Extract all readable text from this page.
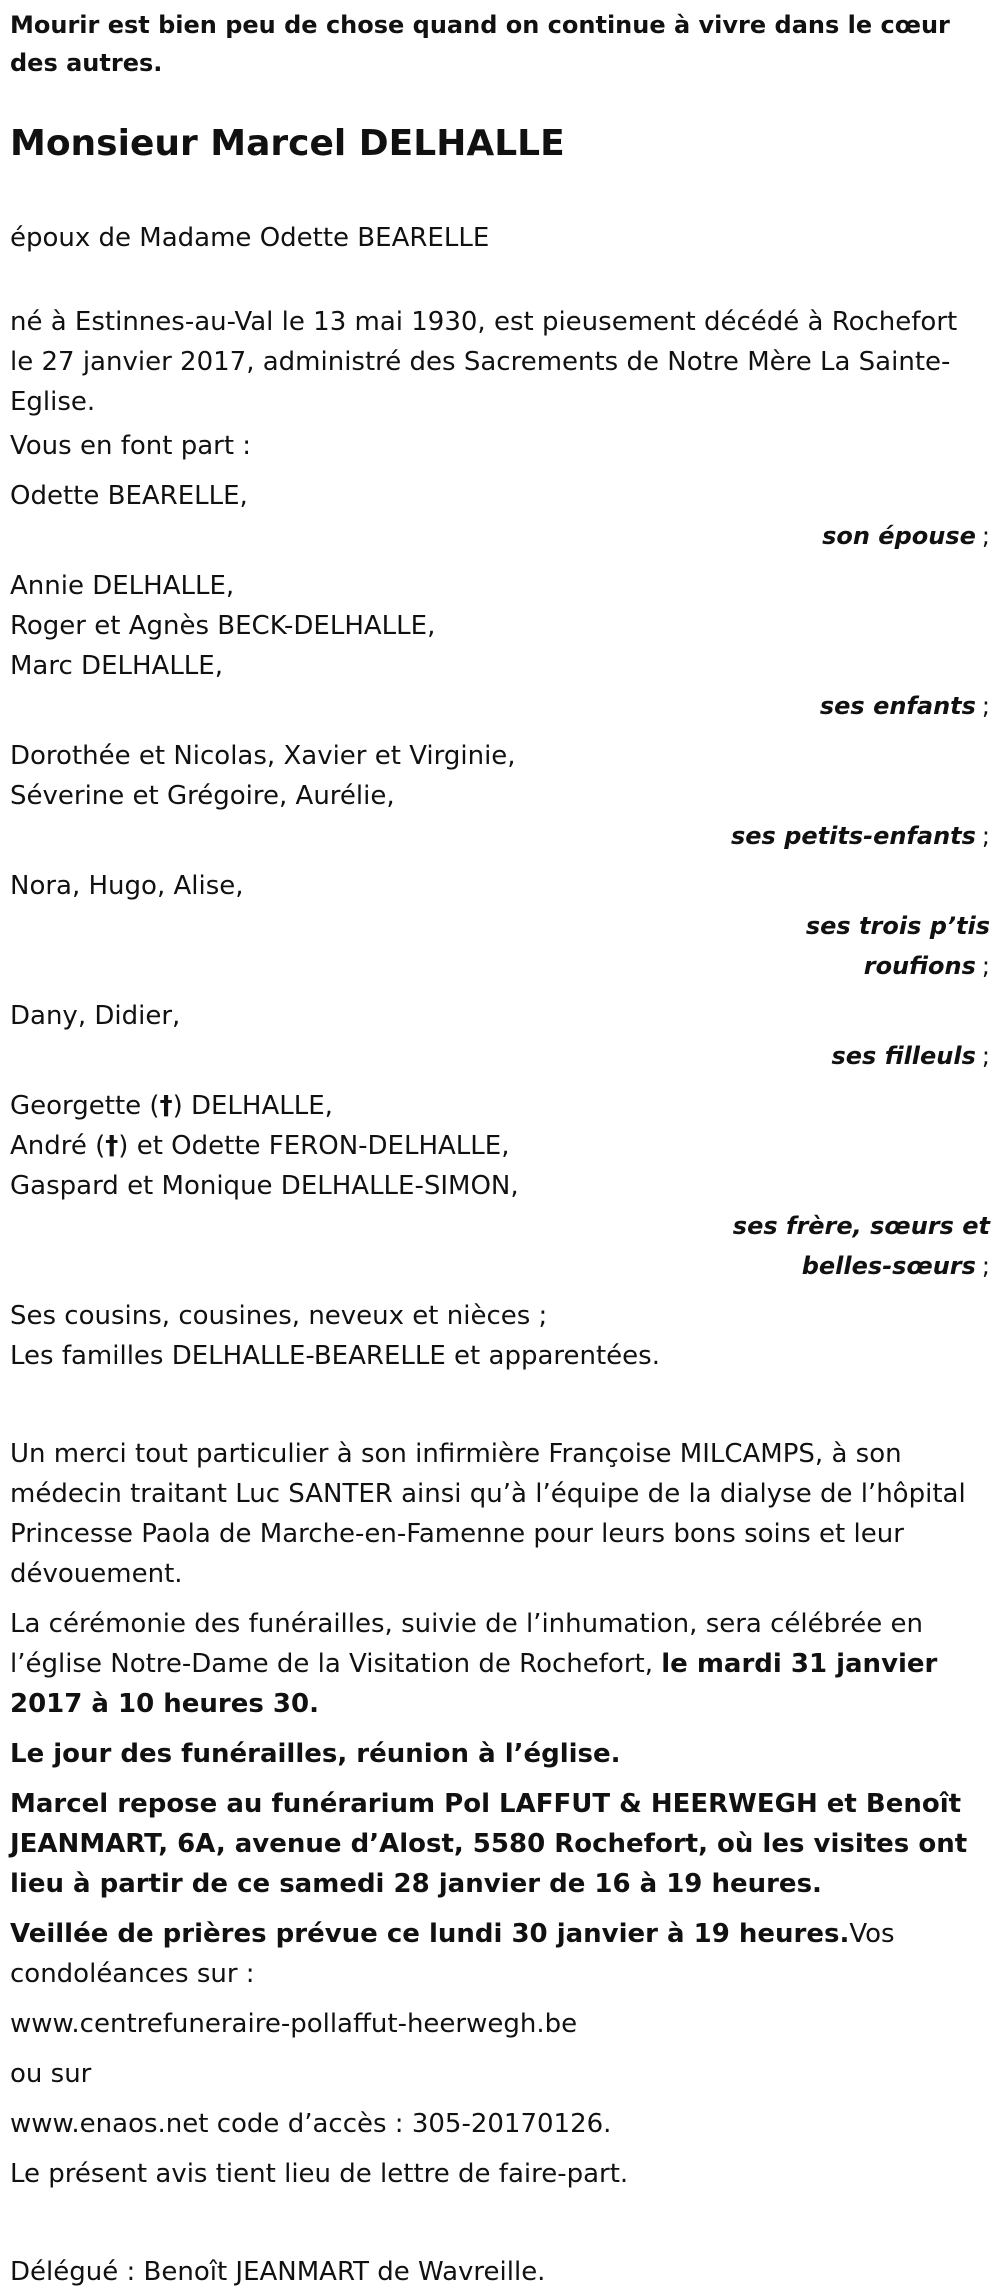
Mourir est bien peu de chose quand on continue à vivre dans le cœur des autres.

Monsieur Marcel DELHALLE

époux de Madame Odette BEARELLE

né à Estinnes-au-Val le 13 mai 1930, est pieusement décédé à Rochefort le 27 janvier 2017, administré des Sacrements de Notre Mère La Sainte-Eglise.

Vous en font part :

Odette BEARELLE,

son épouse ;

Annie DELHALLE,

Roger et Agnès BECK-DELHALLE,

Marc DELHALLE,

ses enfants ;

Dorothée et Nicolas, Xavier et Virginie,

Séverine et Grégoire, Aurélie,

ses petits-enfants ;

Nora, Hugo, Alise,

ses trois p’tis
roufions ;

Dany, Didier,

ses filleuls ;

Georgette (†) DELHALLE,

André (†) et Odette FERON-DELHALLE,

Gaspard et Monique DELHALLE-SIMON,

ses frère, sœurs et
belles-sœurs ;

Ses cousins, cousines, neveux et nièces ;

Les familles DELHALLE-BEARELLE et apparentées.

Un merci tout particulier à son infirmière Françoise MILCAMPS, à son médecin traitant Luc SANTER ainsi qu’à l’équipe de la dialyse de l’hôpital Princesse Paola de Marche-en-Famenne pour leurs bons soins et leur dévouement.

La cérémonie des funérailles, suivie de l’inhumation, sera célébrée en l’église Notre-Dame de la Visitation de Rochefort, le mardi 31 janvier 2017 à 10 heures 30.

Le jour des funérailles, réunion à l’église.

Marcel repose au funérarium Pol LAFFUT & HEERWEGH et Benoît JEANMART, 6A, avenue d’Alost, 5580 Rochefort, où les visites ont lieu à partir de ce samedi 28 janvier de 16 à 19 heures.

Veillée de prières prévue ce lundi 30 janvier à 19 heures.Vos condoléances sur :

www.centrefuneraire-pollaffut-heerwegh.be

ou sur

www.enaos.net code d’accès : 305-20170126.

Le présent avis tient lieu de lettre de faire-part.

Délégué : Benoît JEANMART de Wavreille.
